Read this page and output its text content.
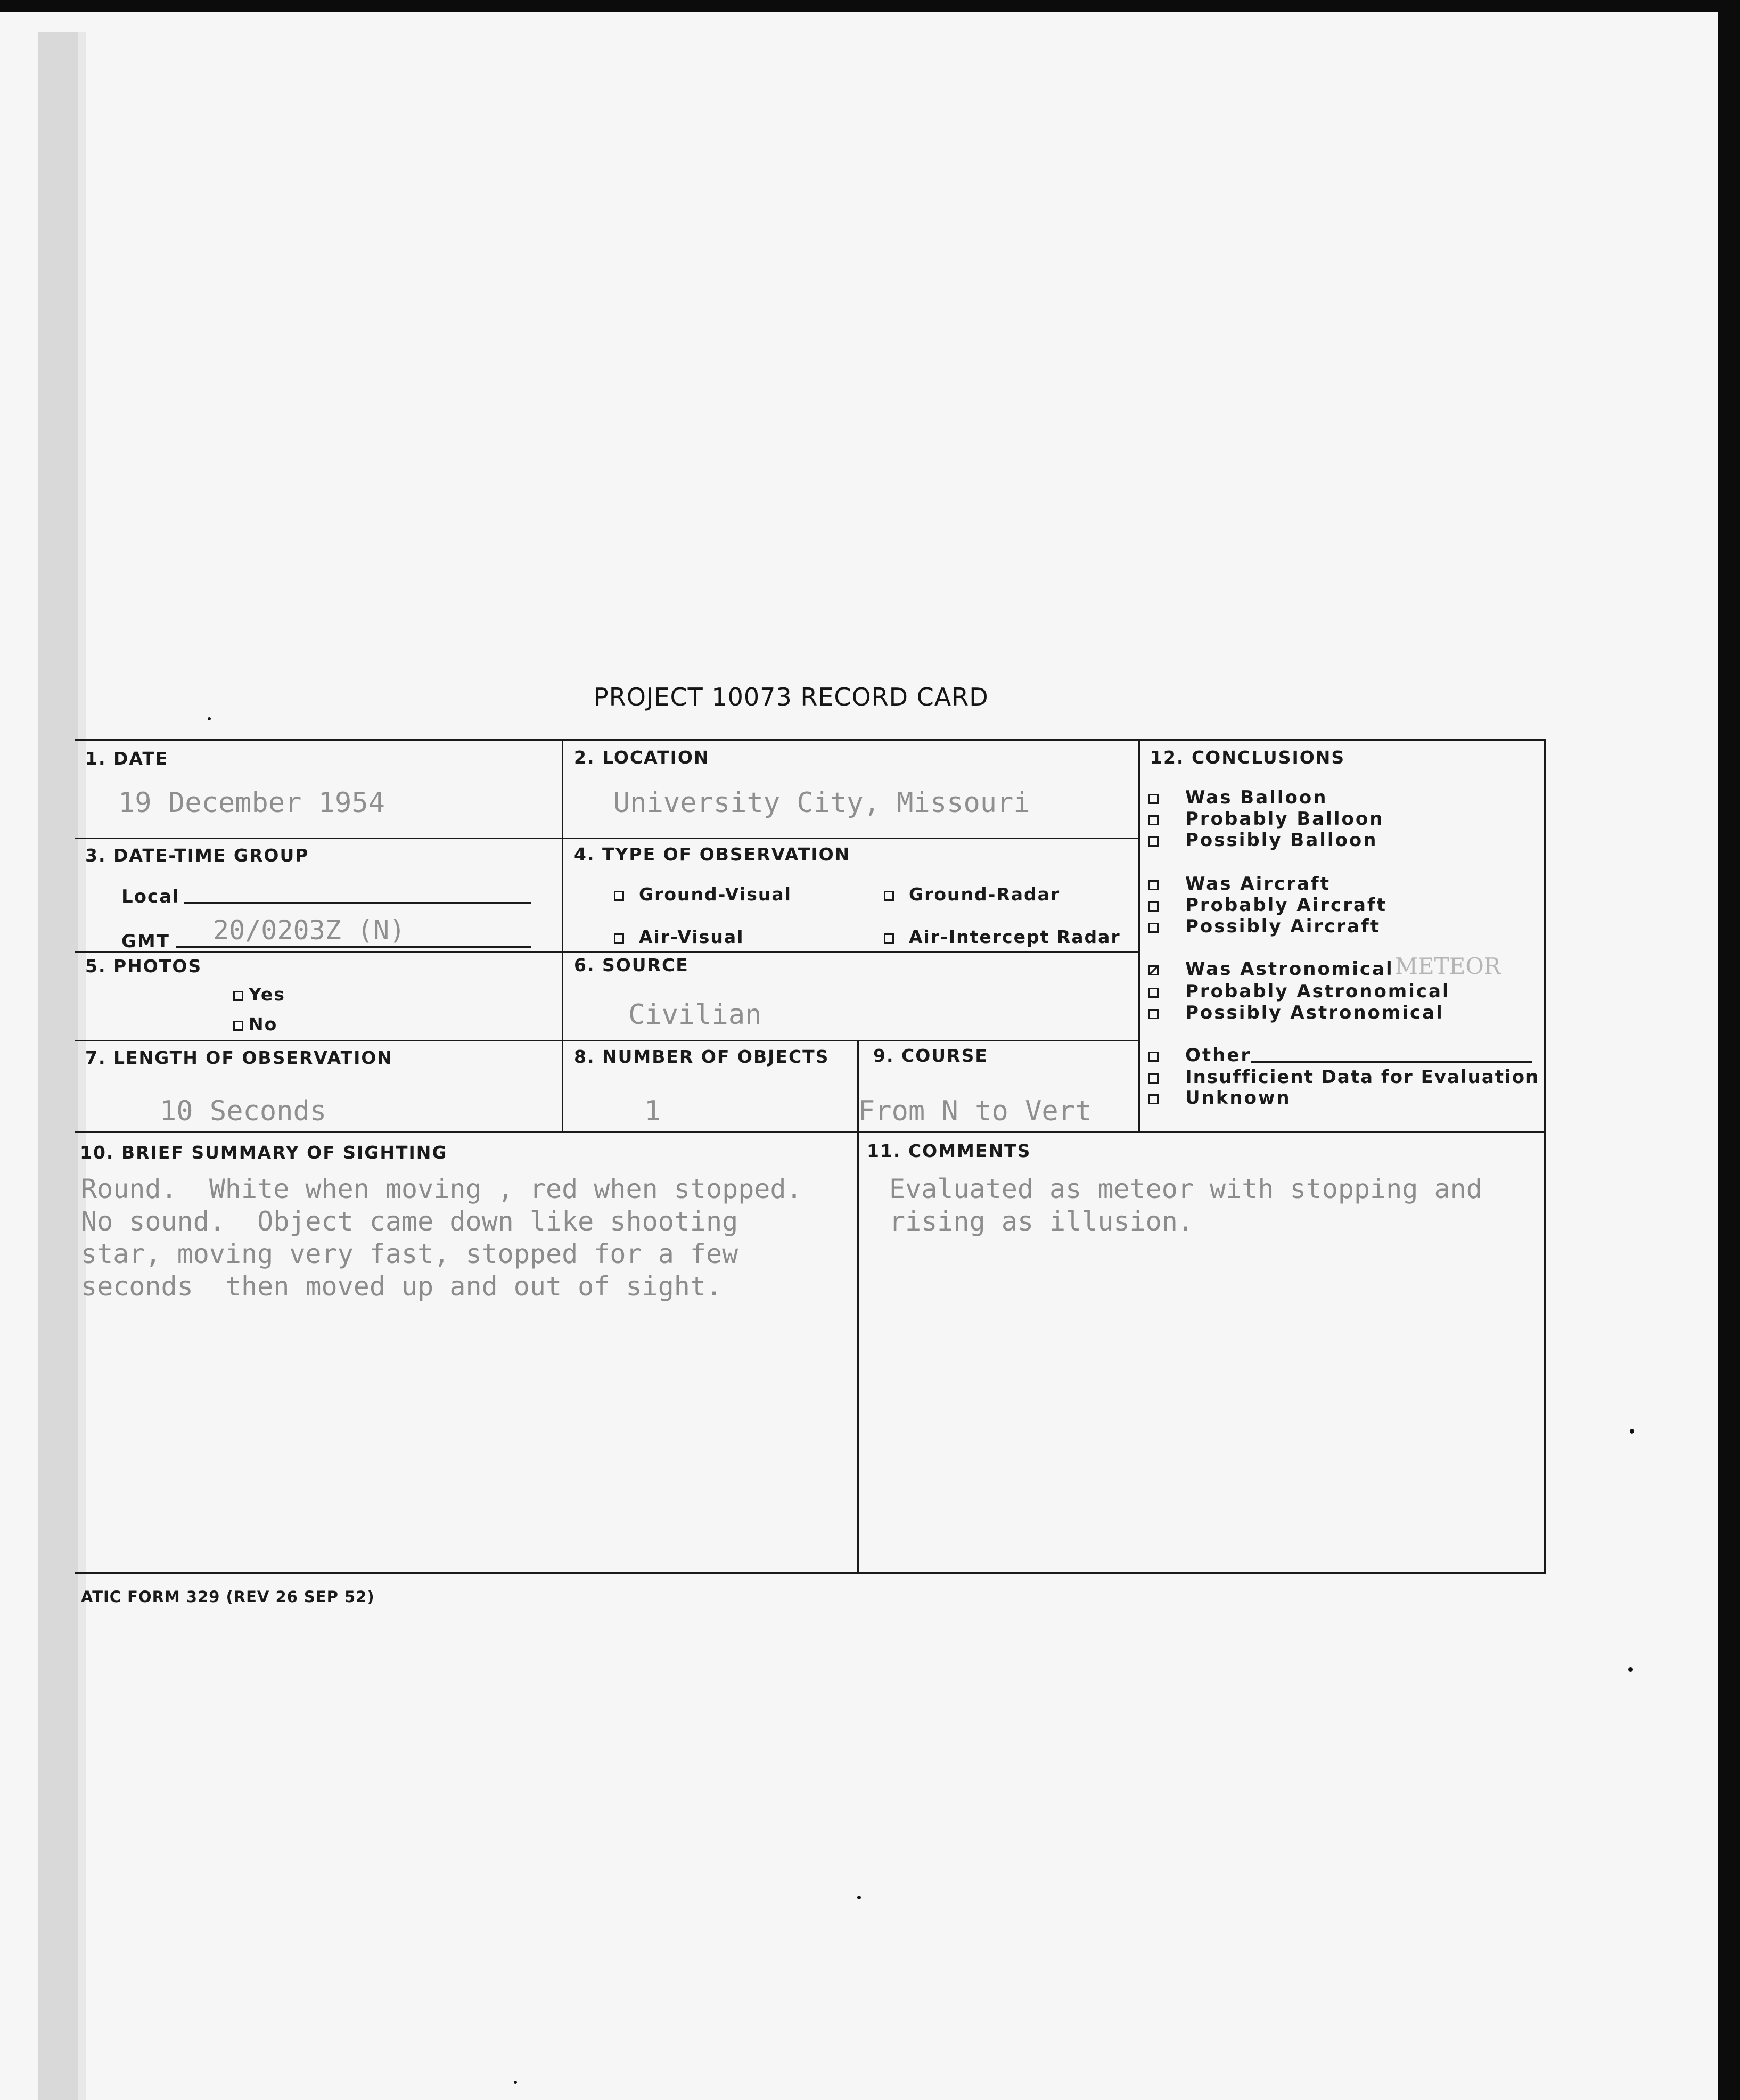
PROJECT 10073 RECORD CARD
1. DATE
19 December 1954
2. LOCATION
University City, Missouri
3. DATE-TIME GROUP
Local
GMT 20/0203Z (N)
4. TYPE OF OBSERVATION
Ground-Visual	Ground-Radar
Air-Visual	Air-Intercept Radar
5. PHOTOS
Yes
No
6. SOURCE
Civilian
7. LENGTH OF OBSERVATION
10 Seconds
8. NUMBER OF OBJECTS
1
9. COURSE
From N to Vert
10. BRIEF SUMMARY OF SIGHTING
Round.  White when moving , red when stopped.
No sound.  Object came down like shooting
star, moving very fast, stopped for a few
seconds  then moved up and out of sight.
11. COMMENTS
Evaluated as meteor with stopping and
rising as illusion.
12. CONCLUSIONS
Was Balloon
Probably Balloon
Possibly Balloon
Was Aircraft
Probably Aircraft
Possibly Aircraft
Was Astronomical METEOR
Probably Astronomical
Possibly Astronomical
Other
Insufficient Data for Evaluation
Unknown
ATIC FORM 329 (REV 26 SEP 52)
